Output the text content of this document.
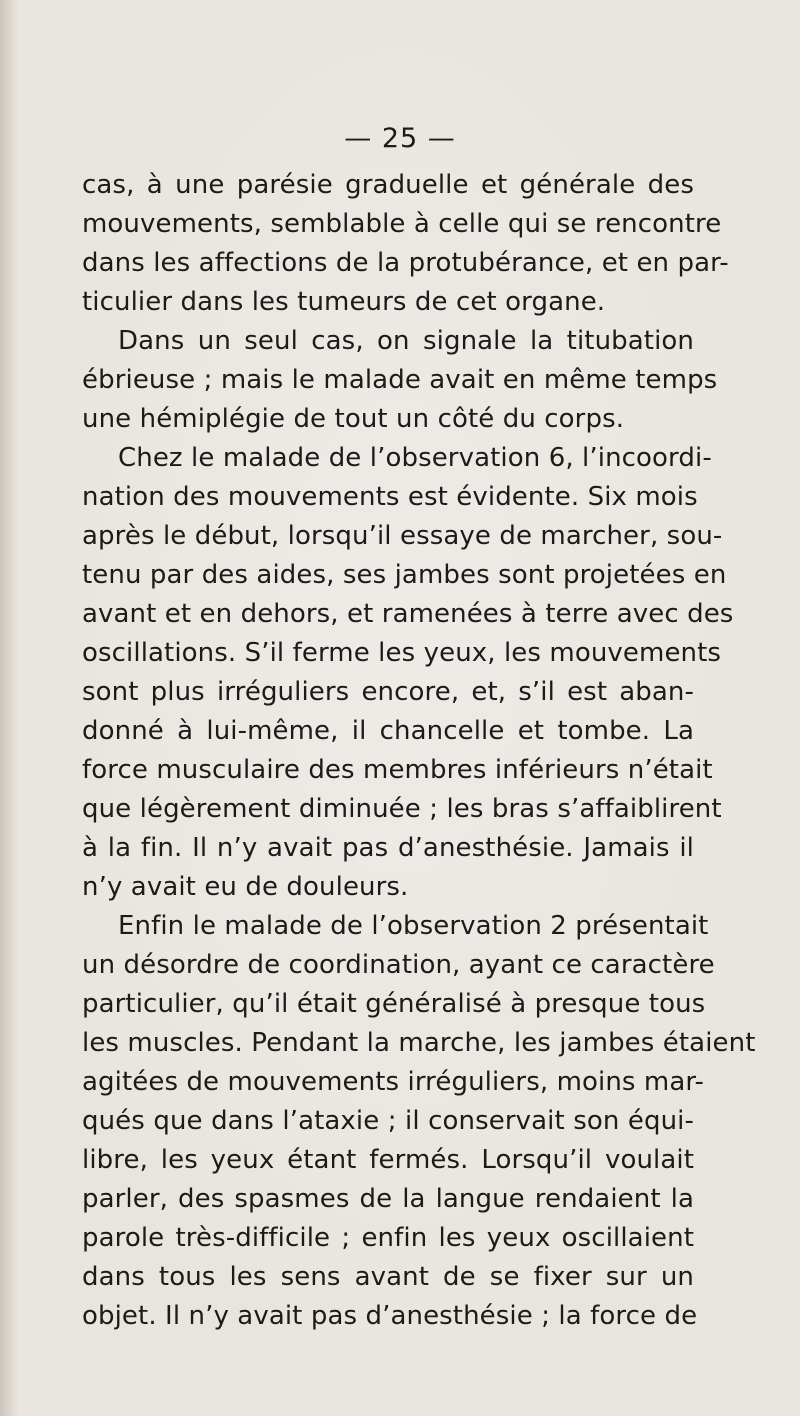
— 25 —
cas, à une parésie graduelle et générale des
mouvements, semblable à celle qui se rencontre
dans les affections de la protubérance, et en par-
ticulier dans les tumeurs de cet organe.
Dans un seul cas, on signale la titubation
ébrieuse ; mais le malade avait en même temps
une hémiplégie de tout un côté du corps.
Chez le malade de l’observation 6, l’incoordi-
nation des mouvements est évidente. Six mois
après le début, lorsqu’il essaye de marcher, sou-
tenu par des aides, ses jambes sont projetées en
avant et en dehors, et ramenées à terre avec des
oscillations. S’il ferme les yeux, les mouvements
sont plus irréguliers encore, et, s’il est aban-
donné à lui-même, il chancelle et tombe. La
force musculaire des membres inférieurs n’était
que légèrement diminuée ; les bras s’affaiblirent
à la fin. Il n’y avait pas d’anesthésie. Jamais il
n’y avait eu de douleurs.
Enfin le malade de l’observation 2 présentait
un désordre de coordination, ayant ce caractère
particulier, qu’il était généralisé à presque tous
les muscles. Pendant la marche, les jambes étaient
agitées de mouvements irréguliers, moins mar-
qués que dans l’ataxie ; il conservait son équi-
libre, les yeux étant fermés. Lorsqu’il voulait
parler, des spasmes de la langue rendaient la
parole très-difficile ; enfin les yeux oscillaient
dans tous les sens avant de se fixer sur un
objet. Il n’y avait pas d’anesthésie ; la force de
